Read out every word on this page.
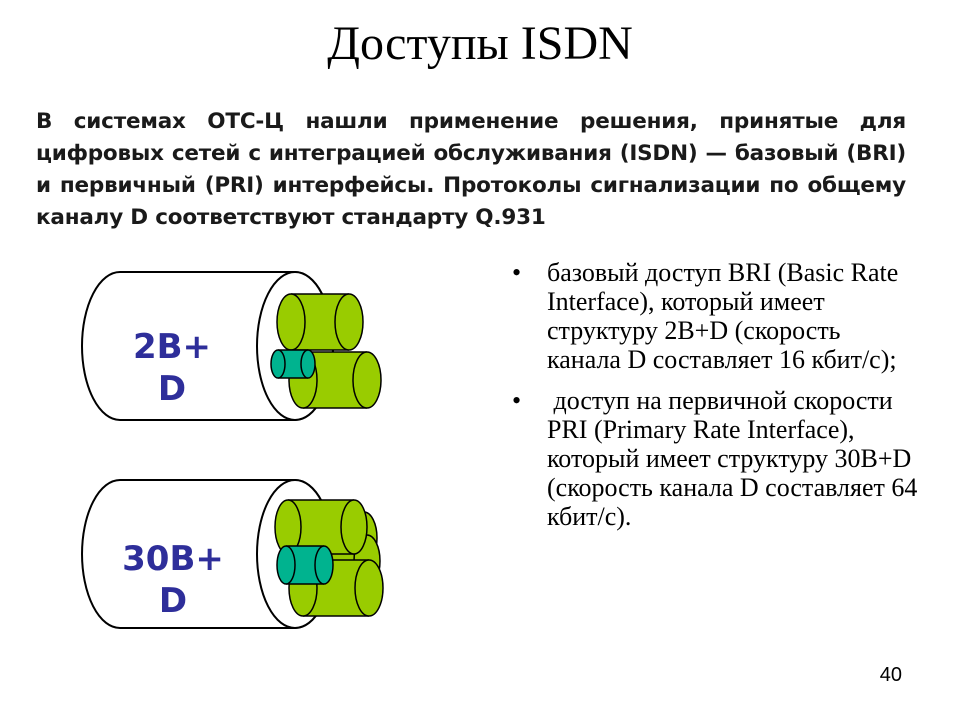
Доступы ISDN
В системах ОТС-Ц нашли применение решения, принятые для цифровых сетей с интеграцией обслуживания (ISDN) — базовый (BRI) и первичный (PRI) интерфейсы. Протоколы сигнализации по общему каналу D соответствуют стандарту Q.931
2B+
D
30B+
D
• базовый доступ BRI (Basic Rate Interface), который имеет структуру 2B+D (скорость канала D составляет 16 кбит/с);
• доступ на первичной скорости PRI (Primary Rate Interface), который имеет структуру 30B+D (скорость канала D составляет 64 кбит/с).
40
